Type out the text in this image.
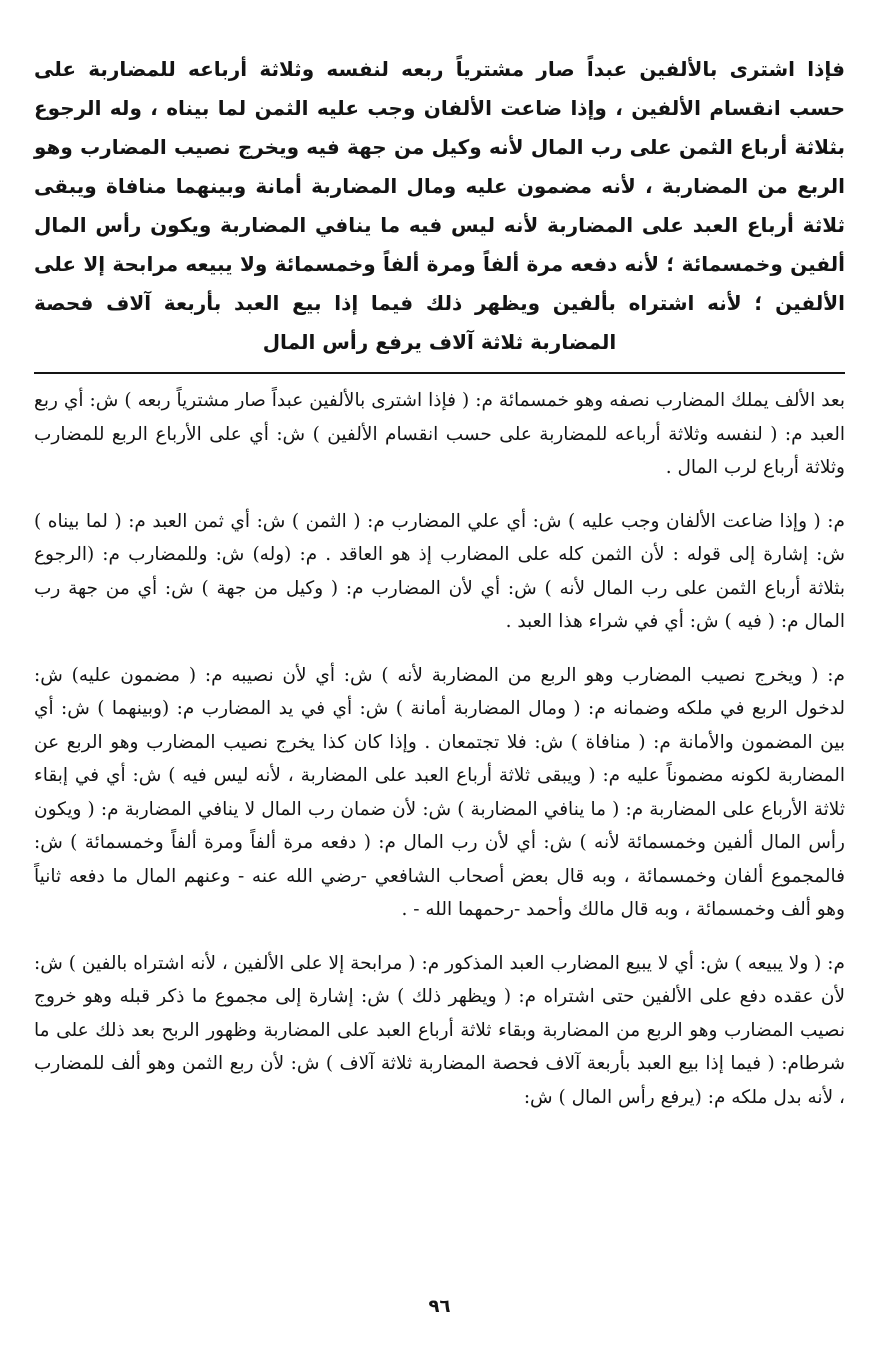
فإذا اشترى بالألفين عبداً صار مشترياً ربعه لنفسه وثلاثة أرباعه للمضاربة على حسب انقسام الألفين ، وإذا ضاعت الألفان وجب عليه الثمن لما بيناه ، وله الرجوع بثلاثة أرباع الثمن على رب المال لأنه وكيل من جهة فيه ويخرج نصيب المضارب وهو الربع من المضاربة ، لأنه مضمون عليه ومال المضاربة أمانة وبينهما منافاة ويبقى ثلاثة أرباع العبد على المضاربة لأنه ليس فيه ما ينافي المضاربة ويكون رأس المال ألفين وخمسمائة ؛ لأنه دفعه مرة ألفاً ومرة ألفاً وخمسمائة ولا يبيعه مرابحة إلا على الألفين ؛ لأنه اشتراه بألفين ويظهر ذلك فيما إذا بيع العبد بأربعة آلاف فحصة المضاربة ثلاثة آلاف يرفع رأس المال

بعد الألف يملك المضارب نصفه وهو خمسمائة م: ( فإذا اشترى بالألفين عبداً صار مشترياً ربعه ) ش: أي ربع العبد م: ( لنفسه وثلاثة أرباعه للمضاربة على حسب انقسام الألفين ) ش: أي على الأرباع الربع للمضارب وثلاثة أرباع لرب المال .

م: ( وإذا ضاعت الألفان وجب عليه ) ش: أي علي المضارب م: ( الثمن ) ش: أي ثمن العبد م: ( لما بيناه ) ش: إشارة إلى قوله : لأن الثمن كله على المضارب إذ هو العاقد . م: (وله) ش: وللمضارب م: (الرجوع بثلاثة أرباع الثمن على رب المال لأنه ) ش: أي لأن المضارب م: ( وكيل من جهة ) ش: أي من جهة رب المال م: ( فيه ) ش: أي في شراء هذا العبد .

م: ( ويخرج نصيب المضارب وهو الربع من المضاربة لأنه ) ش: أي لأن نصيبه م: ( مضمون عليه) ش: لدخول الربع في ملكه وضمانه م: ( ومال المضاربة أمانة ) ش: أي في يد المضارب م: (وبينهما ) ش: أي بين المضمون والأمانة م: ( منافاة ) ش: فلا تجتمعان . وإذا كان كذا يخرج نصيب المضارب وهو الربع عن المضاربة لكونه مضموناً عليه م: ( ويبقى ثلاثة أرباع العبد على المضاربة ، لأنه ليس فيه ) ش: أي في إبقاء ثلاثة الأرباع على المضاربة م: ( ما ينافي المضاربة ) ش: لأن ضمان رب المال لا ينافي المضاربة م: ( ويكون رأس المال ألفين وخمسمائة لأنه ) ش: أي لأن رب المال م: ( دفعه مرة ألفاً ومرة ألفاً وخمسمائة ) ش: فالمجموع ألفان وخمسمائة ، وبه قال بعض أصحاب الشافعي -رضي الله عنه - وعنهم المال ما دفعه ثانياً وهو ألف وخمسمائة ، وبه قال مالك وأحمد -رحمهما الله - .

م: ( ولا يبيعه ) ش: أي لا يبيع المضارب العبد المذكور م: ( مرابحة إلا على الألفين ، لأنه اشتراه بالفين ) ش: لأن عقده دفع على الألفين حتى اشتراه م: ( ويظهر ذلك ) ش: إشارة إلى مجموع ما ذكر قبله وهو خروج نصيب المضارب وهو الربع من المضاربة وبقاء ثلاثة أرباع العبد على المضاربة وظهور الربح بعد ذلك على ما شرطام: ( فيما إذا بيع العبد بأربعة آلاف فحصة المضاربة ثلاثة آلاف ) ش: لأن ربع الثمن وهو ألف للمضارب ، لأنه بدل ملكه م: (يرفع رأس المال ) ش:

٩٦
